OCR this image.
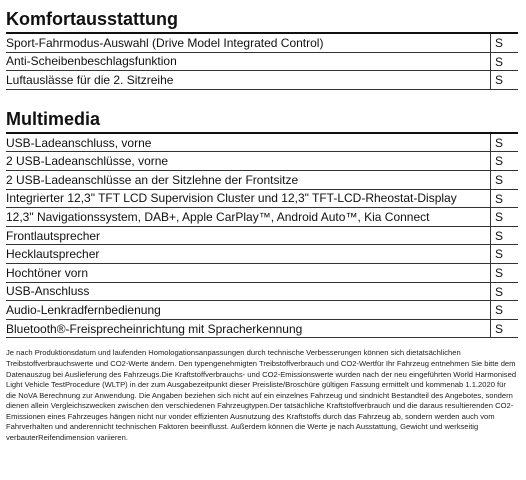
Komfortausstattung
Sport-Fahrmodus-Auswahl (Drive Model Integrated Control)	S
Anti-Scheibenbeschlagsfunktion	S
Luftauslässe für die 2. Sitzreihe	S
Multimedia
USB-Ladeanschluss, vorne	S
2 USB-Ladeanschlüsse, vorne	S
2 USB-Ladeanschlüsse an der Sitzlehne der Frontsitze	S
Integrierter 12,3" TFT LCD Supervision Cluster und 12,3" TFT-LCD-Rheostat-Display	S
12,3" Navigationssystem, DAB+, Apple CarPlay™, Android Auto™, Kia Connect	S
Frontlautsprecher	S
Hecklautsprecher	S
Hochtöner vorn	S
USB-Anschluss	S
Audio-Lenkradfernbedienung	S
Bluetooth®-Freisprecheinrichtung mit Spracherkennung	S

Je nach Produktionsdatum und laufenden Homologationsanpassungen durch technische Verbesserungen können sich dietatsächlichen Treibstoffverbrauchswerte und CO2-Werte ändern. Den typengenehmigten Treibstoffverbrauch und CO2-Wertfür Ihr Fahrzeug entnehmen Sie bitte dem Datenauszug bei Auslieferung des Fahrzeugs.Die Kraftstoffverbrauchs- und CO2-Emissionswerte wurden nach der neu eingeführten World Harmonised Light Vehicle TestProcedure (WLTP) in der zum Ausgabezeitpunkt dieser Preisliste/Broschüre gültigen Fassung ermittelt und kommenab 1.1.2020 für die NoVA Berechnung zur Anwendung. Die Angaben beziehen sich nicht auf ein einzelnes Fahrzeug und sindnicht Bestandteil des Angebotes, sondern dienen allein Vergleichszwecken zwischen den verschiedenen Fahrzeugtypen.Der tatsächliche Kraftstoffverbrauch und die daraus resultierenden CO2-Emissionen eines Fahrzeuges hängen nicht nur vonder effizienten Ausnutzung des Kraftstoffs durch das Fahrzeug ab, sondern werden auch vom Fahrverhalten und anderennicht technischen Faktoren beeinflusst. Außerdem können die Werte je nach Ausstattung, Gewicht und werkseitig verbauterReifendimension variieren.
